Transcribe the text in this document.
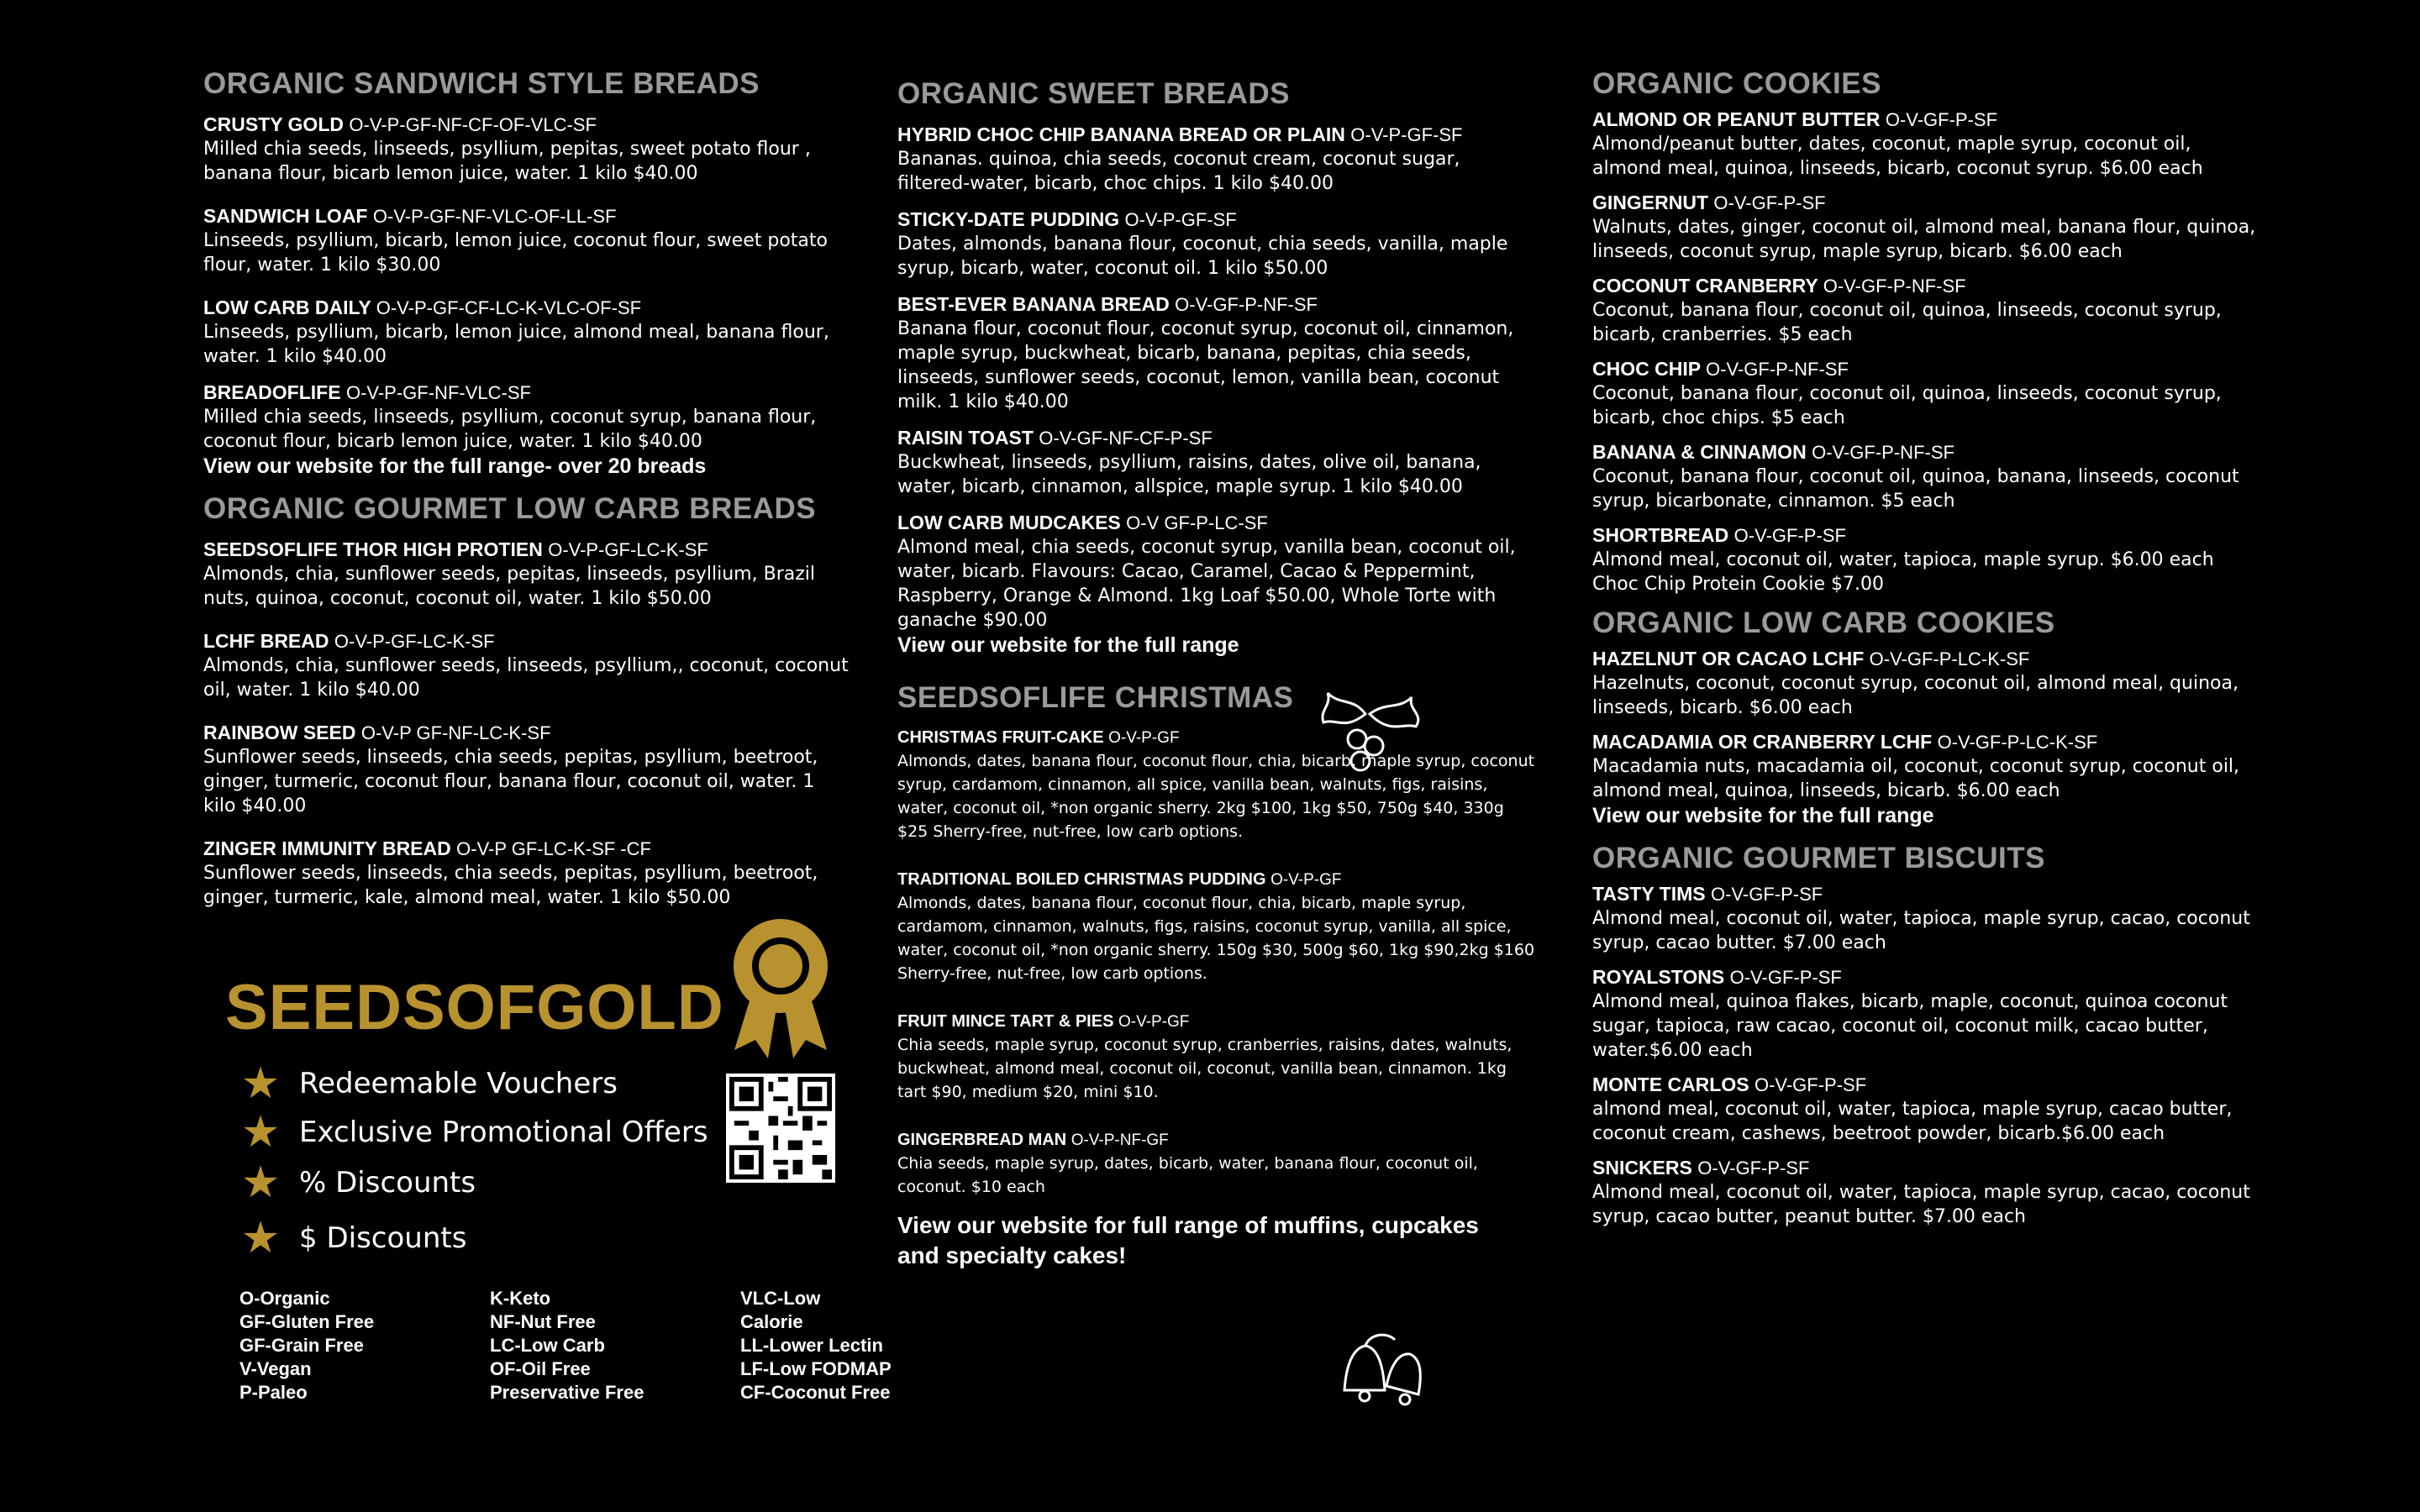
ORGANIC SANDWICH STYLE BREADS
CRUSTY GOLD O-V-P-GF-NF-CF-OF-VLC-SF
Milled chia seeds, linseeds, psyllium, pepitas, sweet potato flour , banana flour, bicarb lemon juice, water. 1 kilo $40.00
SANDWICH LOAF O-V-P-GF-NF-VLC-OF-LL-SF
Linseeds, psyllium, bicarb, lemon juice, coconut flour, sweet potato flour, water. 1 kilo $30.00
LOW CARB DAILY O-V-P-GF-CF-LC-K-VLC-OF-SF
Linseeds, psyllium, bicarb, lemon juice, almond meal, banana flour, water. 1 kilo $40.00
BREADOFLIFE O-V-P-GF-NF-VLC-SF
Milled chia seeds, linseeds, psyllium, coconut syrup, banana flour, coconut flour, bicarb lemon juice, water. 1 kilo $40.00
View our website for the full range- over 20 breads
ORGANIC GOURMET LOW CARB BREADS
SEEDSOFLIFE THOR HIGH PROTIEN O-V-P-GF-LC-K-SF
Almonds, chia, sunflower seeds, pepitas, linseeds, psyllium, Brazil nuts, quinoa, coconut, coconut oil, water. 1 kilo $50.00
LCHF BREAD O-V-P-GF-LC-K-SF
Almonds, chia, sunflower seeds, linseeds, psyllium,, coconut, coconut oil, water. 1 kilo $40.00
RAINBOW SEED O-V-P GF-NF-LC-K-SF
Sunflower seeds, linseeds, chia seeds, pepitas, psyllium, beetroot, ginger, turmeric, coconut flour, banana flour, coconut oil, water. 1 kilo $40.00
ZINGER IMMUNITY BREAD O-V-P GF-LC-K-SF -CF
Sunflower seeds, linseeds, chia seeds, pepitas, psyllium, beetroot, ginger, turmeric, kale, almond meal, water. 1 kilo $50.00
SEEDSOFGOLD
★ Redeemable Vouchers
★ Exclusive Promotional Offers
★ % Discounts
★ $ Discounts
O-Organic
GF-Gluten Free
GF-Grain Free
V-Vegan
P-Paleo
K-Keto
NF-Nut Free
LC-Low Carb
OF-Oil Free
Preservative Free
VLC-Low
Calorie
LL-Lower Lectin
LF-Low FODMAP
CF-Coconut Free
ORGANIC SWEET BREADS
HYBRID CHOC CHIP BANANA BREAD OR PLAIN O-V-P-GF-SF
Bananas. quinoa, chia seeds, coconut cream, coconut sugar, filtered-water, bicarb, choc chips. 1 kilo $40.00
STICKY-DATE PUDDING O-V-P-GF-SF
Dates, almonds, banana flour, coconut, chia seeds, vanilla, maple syrup, bicarb, water, coconut oil. 1 kilo $50.00
BEST-EVER BANANA BREAD O-V-GF-P-NF-SF
Banana flour, coconut flour, coconut syrup, coconut oil, cinnamon, maple syrup, buckwheat, bicarb, banana, pepitas, chia seeds, linseeds, sunflower seeds, coconut, lemon, vanilla bean, coconut milk. 1 kilo $40.00
RAISIN TOAST O-V-GF-NF-CF-P-SF
Buckwheat, linseeds, psyllium, raisins, dates, olive oil, banana, water, bicarb, cinnamon, allspice, maple syrup. 1 kilo $40.00
LOW CARB MUDCAKES O-V GF-P-LC-SF
Almond meal, chia seeds, coconut syrup, vanilla bean, coconut oil, water, bicarb. Flavours: Cacao, Caramel, Cacao & Peppermint, Raspberry, Orange & Almond. 1kg Loaf $50.00, Whole Torte with ganache $90.00
View our website for the full range
SEEDSOFLIFE CHRISTMAS
CHRISTMAS FRUIT-CAKE O-V-P-GF
Almonds, dates, banana flour, coconut flour, chia, bicarb, maple syrup, coconut syrup, cardamom, cinnamon, all spice, vanilla bean, walnuts, figs, raisins, water, coconut oil, *non organic sherry. 2kg $100, 1kg $50, 750g $40, 330g $25 Sherry-free, nut-free, low carb options.
TRADITIONAL BOILED CHRISTMAS PUDDING O-V-P-GF
Almonds, dates, banana flour, coconut flour, chia, bicarb, maple syrup, cardamom, cinnamon, walnuts, figs, raisins, coconut syrup, vanilla, all spice, water, coconut oil, *non organic sherry. 150g $30, 500g $60, 1kg $90,2kg $160 Sherry-free, nut-free, low carb options.
FRUIT MINCE TART & PIES O-V-P-GF
Chia seeds, maple syrup, coconut syrup, cranberries, raisins, dates, walnuts, buckwheat, almond meal, coconut oil, coconut, vanilla bean, cinnamon. 1kg tart $90, medium $20, mini $10.
GINGERBREAD MAN O-V-P-NF-GF
Chia seeds, maple syrup, dates, bicarb, water, banana flour, coconut oil, coconut. $10 each
View our website for full range of muffins, cupcakes and specialty cakes!
ORGANIC COOKIES
ALMOND OR PEANUT BUTTER O-V-GF-P-SF
Almond/peanut butter, dates, coconut, maple syrup, coconut oil, almond meal, quinoa, linseeds, bicarb, coconut syrup. $6.00 each
GINGERNUT O-V-GF-P-SF
Walnuts, dates, ginger, coconut oil, almond meal, banana flour, quinoa, linseeds, coconut syrup, maple syrup, bicarb. $6.00 each
COCONUT CRANBERRY O-V-GF-P-NF-SF
Coconut, banana flour, coconut oil, quinoa, linseeds, coconut syrup, bicarb, cranberries. $5 each
CHOC CHIP O-V-GF-P-NF-SF
Coconut, banana flour, coconut oil, quinoa, linseeds, coconut syrup, bicarb, choc chips. $5 each
BANANA & CINNAMON O-V-GF-P-NF-SF
Coconut, banana flour, coconut oil, quinoa, banana, linseeds, coconut syrup, bicarbonate, cinnamon. $5 each
SHORTBREAD O-V-GF-P-SF
Almond meal, coconut oil, water, tapioca, maple syrup. $6.00 each Choc Chip Protein Cookie $7.00
ORGANIC LOW CARB COOKIES
HAZELNUT OR CACAO LCHF O-V-GF-P-LC-K-SF
Hazelnuts, coconut, coconut syrup, coconut oil, almond meal, quinoa, linseeds, bicarb. $6.00 each
MACADAMIA OR CRANBERRY LCHF O-V-GF-P-LC-K-SF
Macadamia nuts, macadamia oil, coconut, coconut syrup, coconut oil, almond meal, quinoa, linseeds, bicarb. $6.00 each
View our website for the full range
ORGANIC GOURMET BISCUITS
TASTY TIMS O-V-GF-P-SF
Almond meal, coconut oil, water, tapioca, maple syrup, cacao, coconut syrup, cacao butter. $7.00 each
ROYALSTONS O-V-GF-P-SF
Almond meal, quinoa flakes, bicarb, maple, coconut, quinoa coconut sugar, tapioca, raw cacao, coconut oil, coconut milk, cacao butter, water.$6.00 each
MONTE CARLOS O-V-GF-P-SF
almond meal, coconut oil, water, tapioca, maple syrup, cacao butter, coconut cream, cashews, beetroot powder, bicarb.$6.00 each
SNICKERS O-V-GF-P-SF
Almond meal, coconut oil, water, tapioca, maple syrup, cacao, coconut syrup, cacao butter, peanut butter. $7.00 each
